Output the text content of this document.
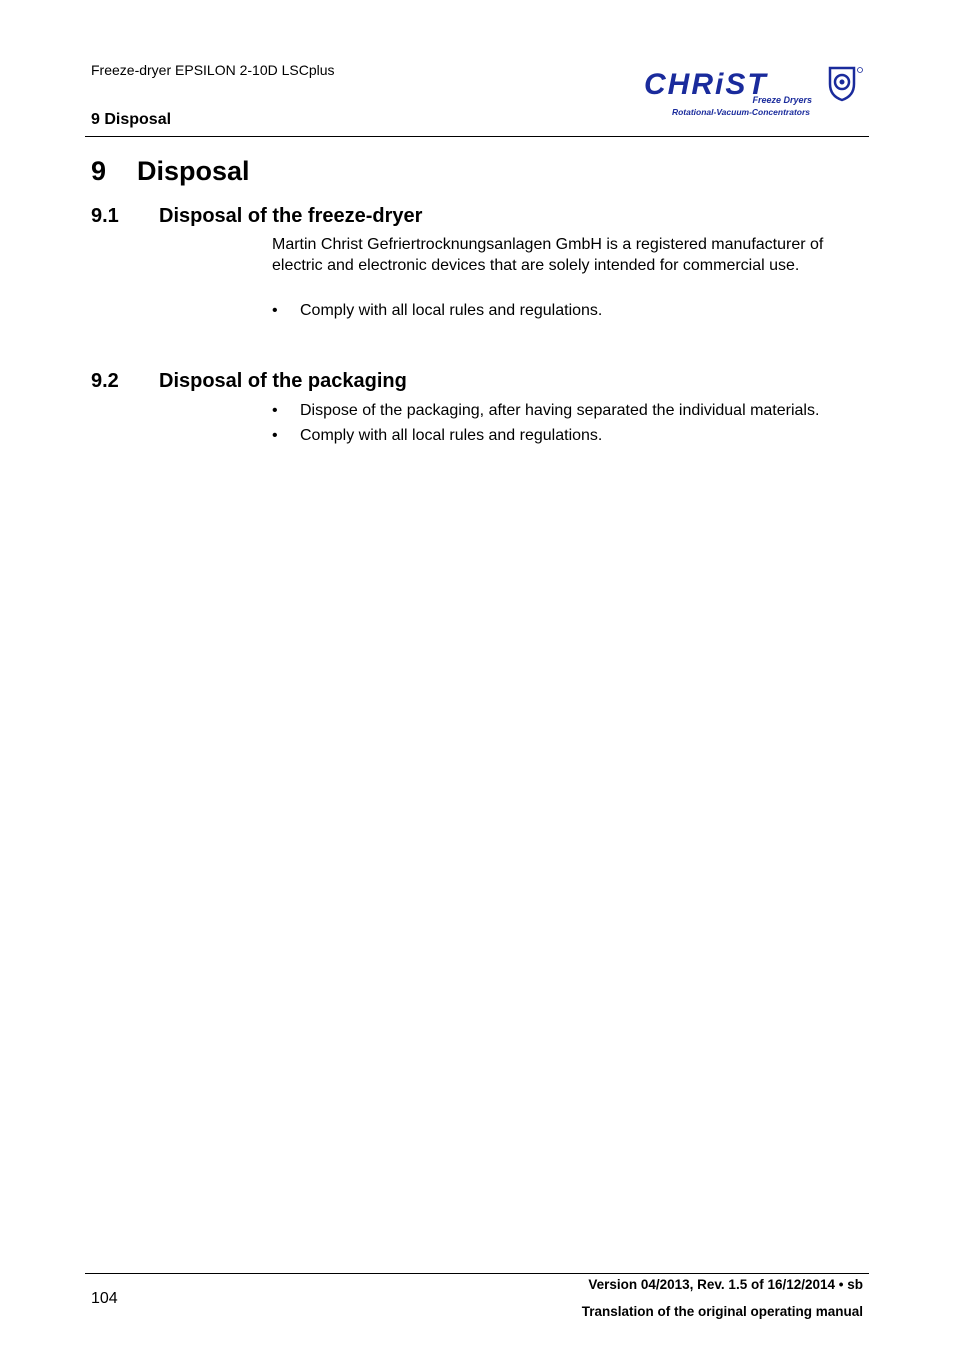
Freeze-dryer EPSILON 2-10D LSCplus
9 Disposal
CHRiST
Freeze Dryers
Rotational-Vacuum-Concentrators
9 Disposal
9.1 Disposal of the freeze-dryer
Martin Christ Gefriertrocknungsanlagen GmbH is a registered manufacturer of electric and electronic devices that are solely intended for commercial use.
• Comply with all local rules and regulations.
9.2 Disposal of the packaging
• Dispose of the packaging, after having separated the individual materials.
• Comply with all local rules and regulations.
104
Version 04/2013, Rev. 1.5 of 16/12/2014 • sb
Translation of the original operating manual
